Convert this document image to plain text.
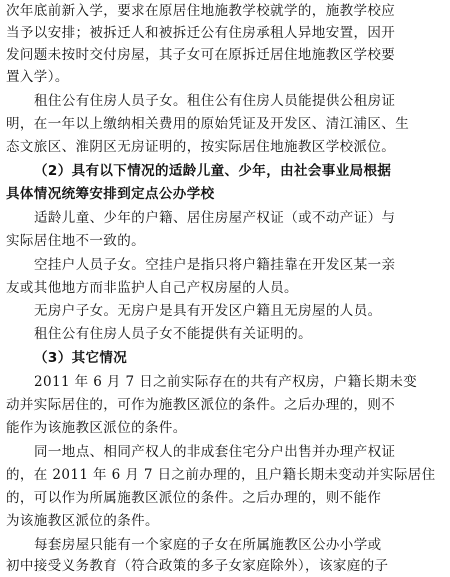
次年底前新入学，要求在原居住地施教学校就学的，施教学校应
当予以安排；被拆迁人和被拆迁公有住房承租人异地安置，因开
发问题未按时交付房屋，其子女可在原拆迁居住地施教区学校要
置入学）。
租住公有住房人员子女。租住公有住房人员能提供公租房证
明，在一年以上缴纳相关费用的原始凭证及开发区、清江浦区、生
态文旅区、淮阴区无房证明的，按实际居住地施教区学校派位。
（2）具有以下情况的适龄儿童、少年，由社会事业局根据
具体情况统筹安排到定点公办学校
适龄儿童、少年的户籍、居住房屋产权证（或不动产证）与
实际居住地不一致的。
空挂户人员子女。空挂户是指只将户籍挂靠在开发区某一亲
友或其他地方而非监护人自己产权房屋的人员。
无房户子女。无房户是具有开发区户籍且无房屋的人员。
租住公有住房人员子女不能提供有关证明的。
（3）其它情况
2011 年 6 月 7 日之前实际存在的共有产权房，户籍长期未变
动并实际居住的，可作为施教区派位的条件。之后办理的，则不
能作为该施教区派位的条件。
同一地点、相同产权人的非成套住宅分户出售并办理产权证
的，在 2011 年 6 月 7 日之前办理的，且户籍长期未变动并实际居住
的，可以作为所属施教区派位的条件。之后办理的，则不能作
为该施教区派位的条件。
每套房屋只能有一个家庭的子女在所属施教区公办小学或
初中接受义务教育（符合政策的多子女家庭除外），该家庭的子
